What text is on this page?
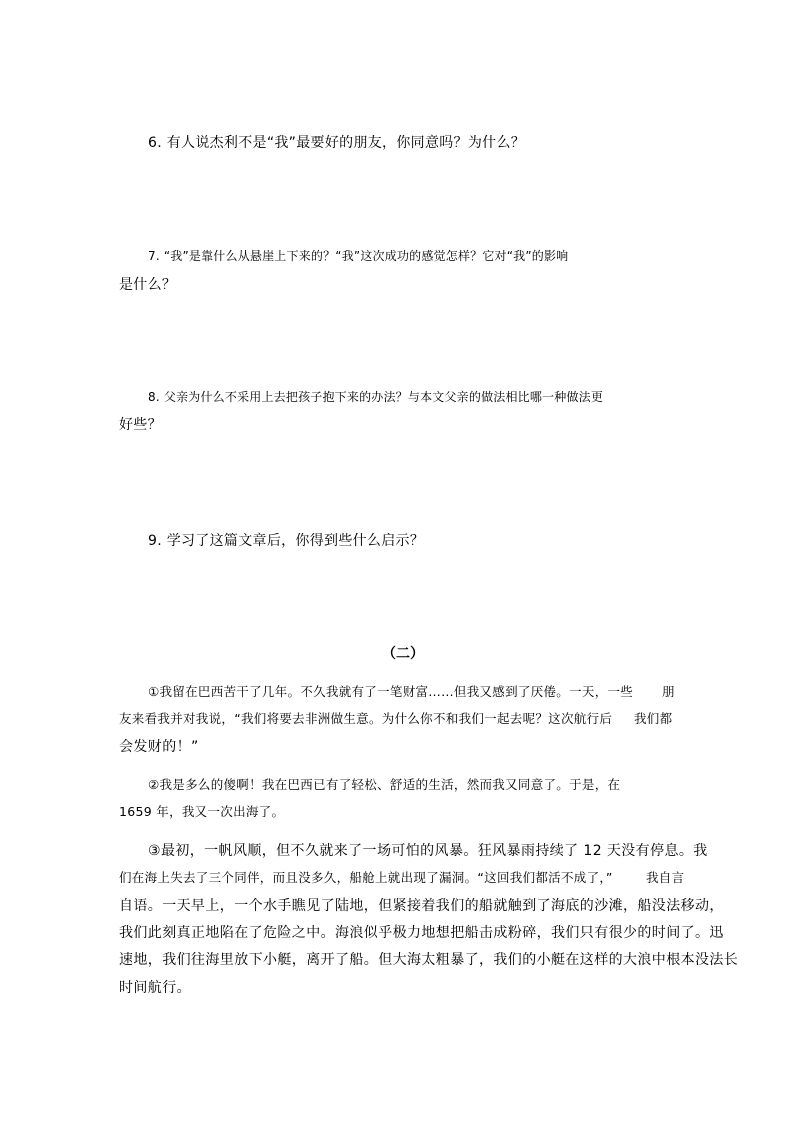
6. 有人说杰利不是“我”最要好的朋友，你同意吗？为什么？
7. “我”是靠什么从悬崖上下来的？“我”这次成功的感觉怎样？它对“我”的影响
是什么？
8. 父亲为什么不采用上去把孩子抱下来的办法？与本文父亲的做法相比哪一种做法更
好些？
9. 学习了这篇文章后，你得到些什么启示？
（二）
①我留在巴西苦干了几年。不久我就有了一笔财富……但我又感到了厌倦。一天，一些 朋
友来看我并对我说，“我们将要去非洲做生意。为什么你不和我们一起去呢？这次航行后 我们都
会发财的！”
②我是多么的傻啊！我在巴西已有了轻松、舒适的生活，然而我又同意了。于是，在
1659 年，我又一次出海了。
③最初，一帆风顺，但不久就来了一场可怕的风暴。狂风暴雨持续了 12 天没有停息。我
们在海上失去了三个同伴，而且没多久，船舱上就出现了漏洞。“这回我们都活不成了，”	我自言
自语。一天早上，一个水手瞧见了陆地，但紧接着我们的船就触到了海底的沙滩，船没法移动，
我们此刻真正地陷在了危险之中。海浪似乎极力地想把船击成粉碎，我们只有很少的时间了。迅
速地，我们往海里放下小艇，离开了船。但大海太粗暴了，我们的小艇在这样的大浪中根本没法长
时间航行。
